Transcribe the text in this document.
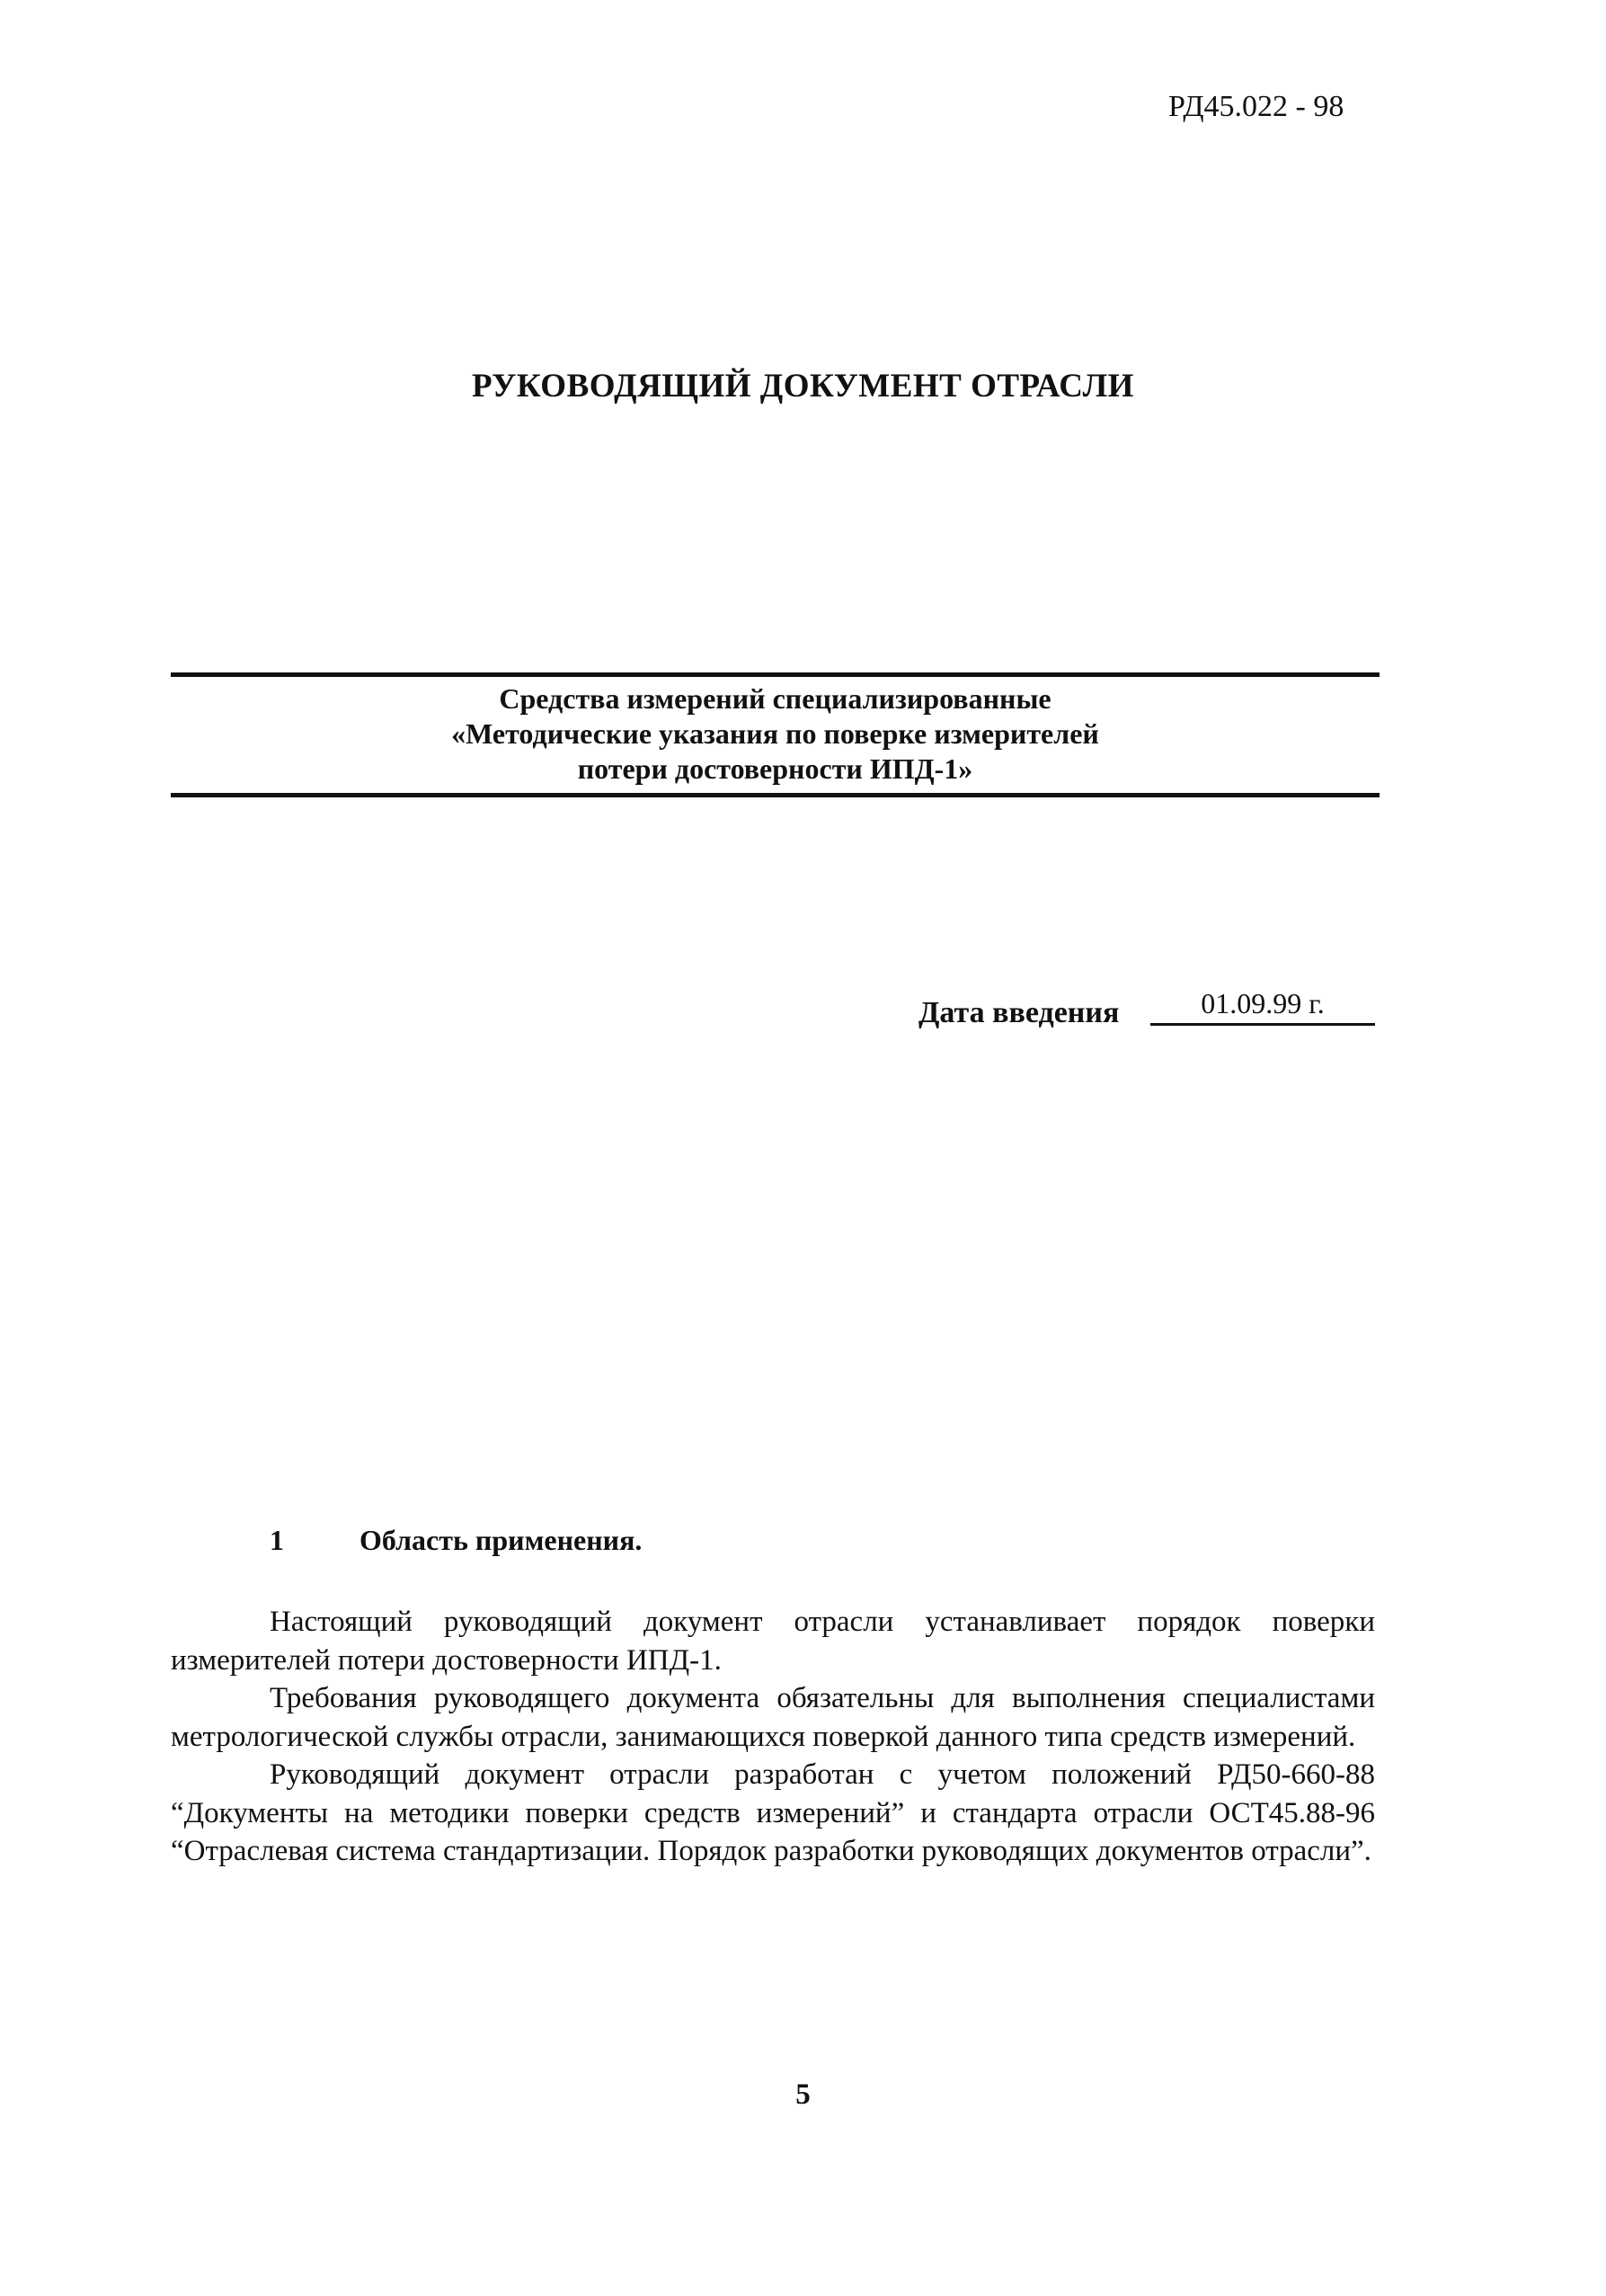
РД45.022 - 98
РУКОВОДЯЩИЙ ДОКУМЕНТ ОТРАСЛИ
Средства измерений специализированные
«Методические указания по поверке измерителей
потери достоверности ИПД-1»
Дата введения	01.09.99 г.
1	Область применения.

Настоящий руководящий документ отрасли устанавливает порядок поверки измерителей потери достоверности ИПД-1.

Требования руководящего документа обязательны для выполнения специалистами метрологической службы отрасли, занимающихся поверкой данного типа средств измерений.

Руководящий документ отрасли разработан с учетом положений РД50-660-88 “Документы на методики поверки средств измерений” и стандарта отрасли ОСТ45.88-96 “Отраслевая система стандартизации. Порядок разработки руководящих документов отрасли”.

5
